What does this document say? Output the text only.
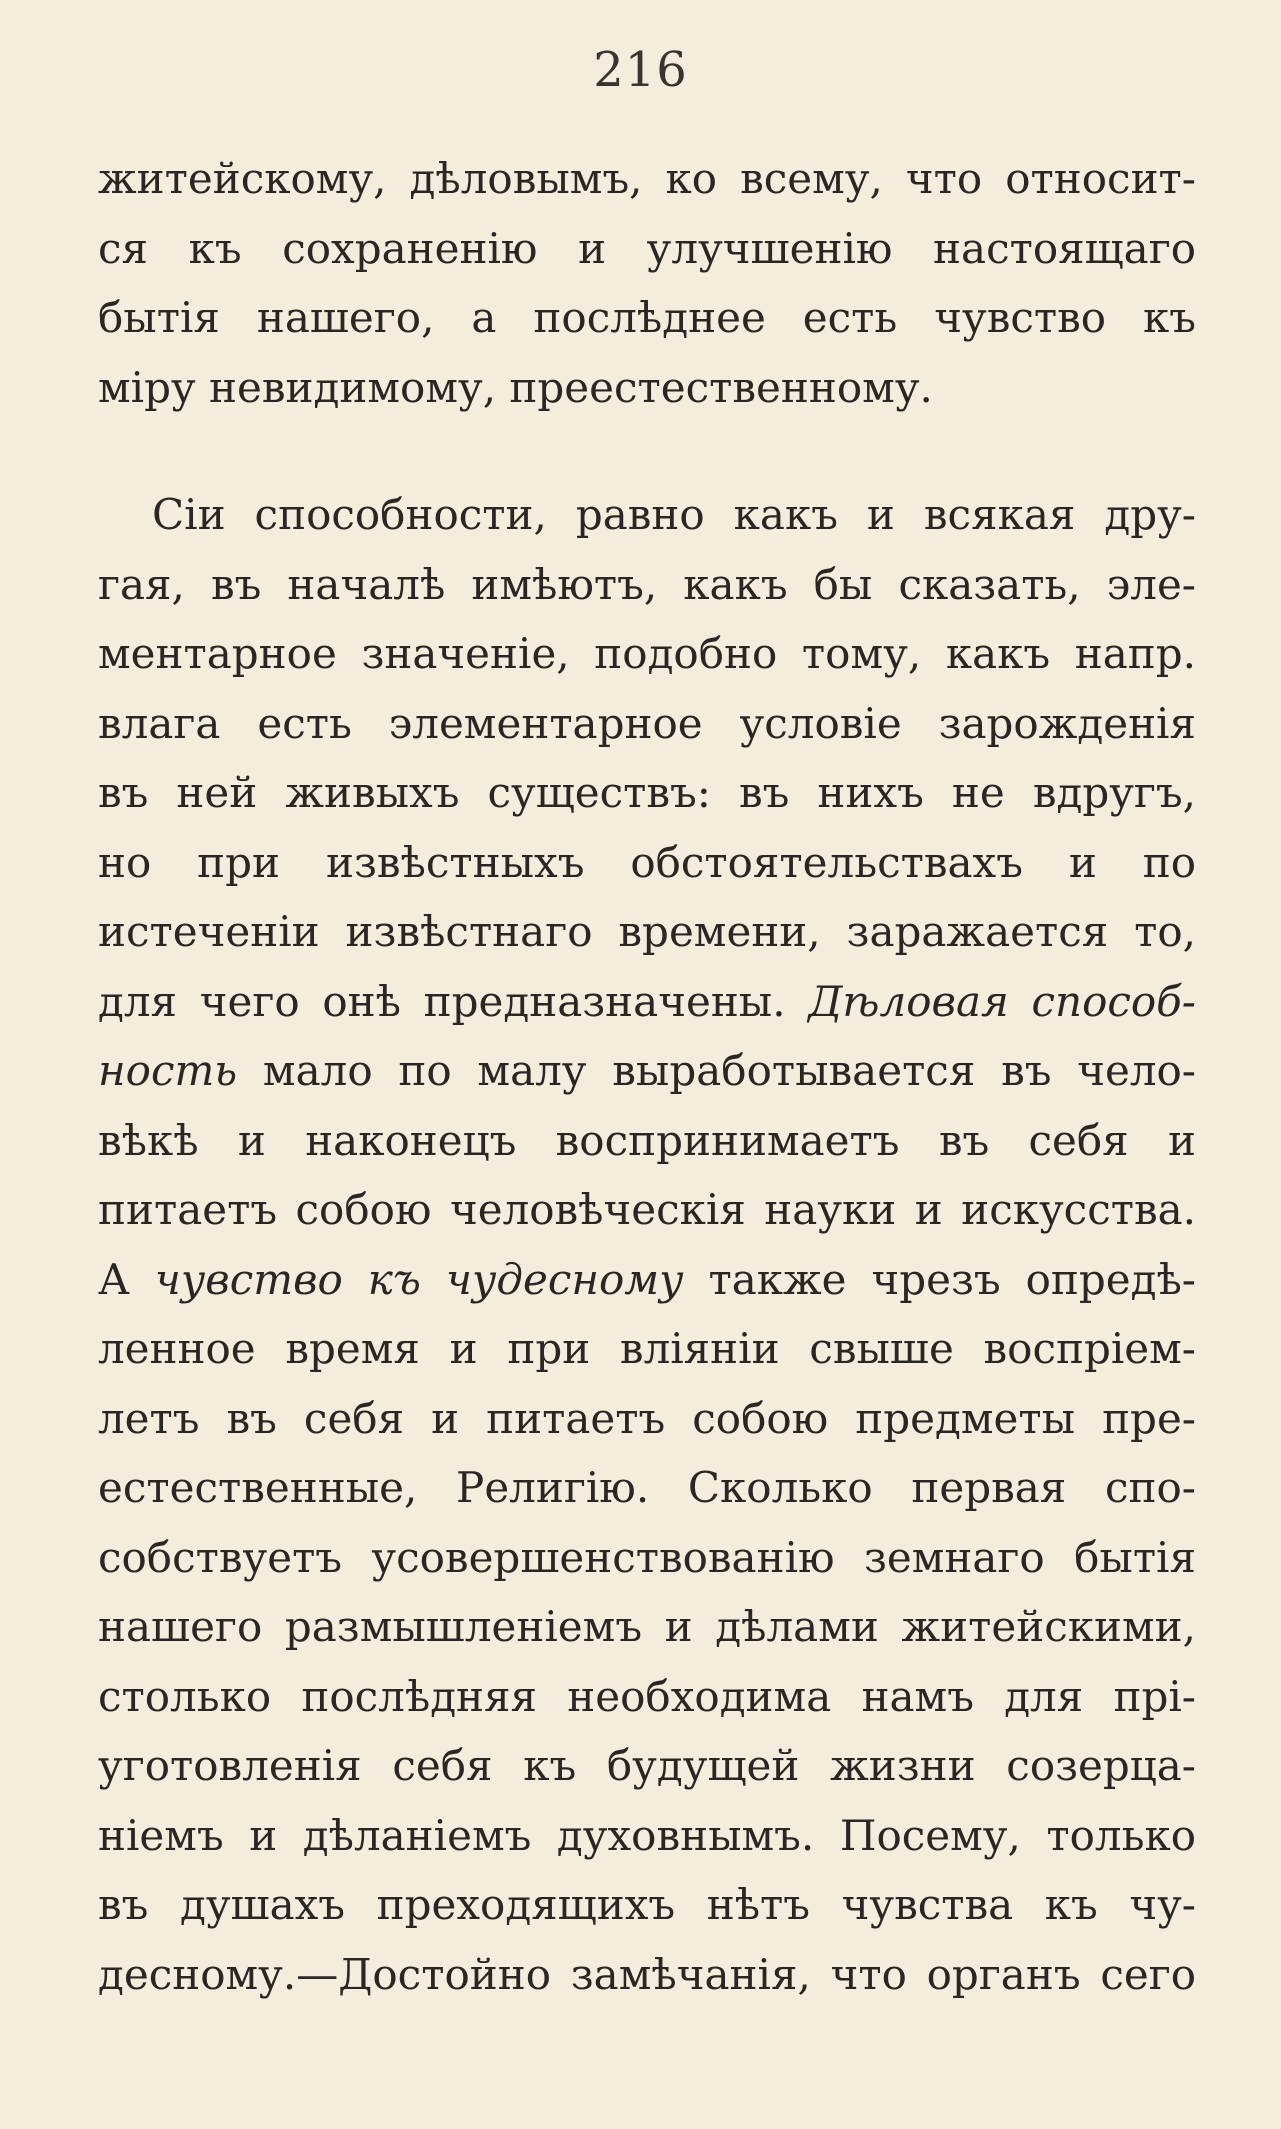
216
житейскому, дѣловымъ, ко всему, что относит-
ся къ сохраненію и улучшенію настоящаго
бытія нашего, а послѣднее есть чувство къ
міру невидимому, преестественному.
Сіи способности, равно какъ и всякая дру-
гая, въ началѣ имѣютъ, какъ бы сказать, эле-
ментарное значеніе, подобно тому, какъ напр.
влага есть элементарное условіе зарожденія
въ ней живыхъ существъ: въ нихъ не вдругъ,
но при извѣстныхъ обстоятельствахъ и по
истеченіи извѣстнаго времени, заражается то,
для чего онѣ предназначены. Дѣловая способ-
ность мало по малу выработывается въ чело-
вѣкѣ и наконецъ воспринимаетъ въ себя и
питаетъ собою человѣческія науки и искусства.
А чувство къ чудесному также чрезъ опредѣ-
ленное время и при вліяніи свыше воспріем-
летъ въ себя и питаетъ собою предметы пре-
естественные, Религію. Сколько первая спо-
собствуетъ усовершенствованію земнаго бытія
нашего размышленіемъ и дѣлами житейскими,
столько послѣдняя необходима намъ для прі-
уготовленія себя къ будущей жизни созерца-
ніемъ и дѣланіемъ духовнымъ. Посему, только
въ душахъ преходящихъ нѣтъ чувства къ чу-
десному.—Достойно замѣчанія, что органъ сего
